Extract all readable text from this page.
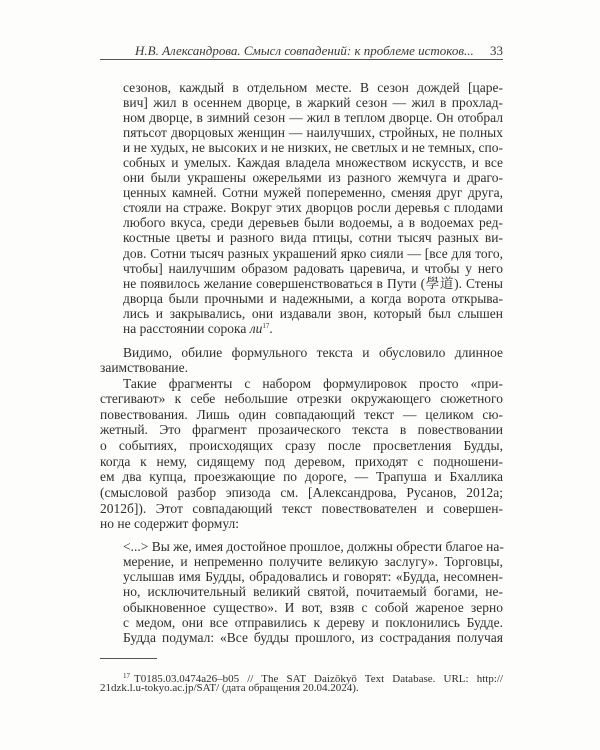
Н.В. Александрова. Смысл совпадений: к проблеме истоков... 33
сезонов, каждый в отдельном месте. В сезон дождей [царе-
вич] жил в осеннем дворце, в жаркий сезон — жил в прохлад-
ном дворце, в зимний сезон — жил в теплом дворце. Он отобрал
пятьсот дворцовых женщин — наилучших, стройных, не полных
и не худых, не высоких и не низких, не светлых и не темных, спо-
собных и умелых. Каждая владела множеством искусств, и все
они были украшены ожерельями из разного жемчуга и драго-
ценных камней. Сотни мужей попеременно, сменяя друг друга,
стояли на страже. Вокруг этих дворцов росли деревья с плодами
любого вкуса, среди деревьев были водоемы, а в водоемах ред-
костные цветы и разного вида птицы, сотни тысяч разных ви-
дов. Сотни тысяч разных украшений ярко сияли — [все для того,
чтобы] наилучшим образом радовать царевича, и чтобы у него
не появилось желание совершенствоваться в Пути (學道). Стены
дворца были прочными и надежными, а когда ворота открыва-
лись и закрывались, они издавали звон, который был слышен
на расстоянии сорока $ли^{17}$.
Видимо, обилие формульного текста и обусловило длинное
заимствование.
Такие фрагменты с набором формулировок просто «при-
стегивают» к себе небольшие отрезки окружающего сюжетного
повествования. Лишь один совпадающий текст — целиком сю-
жетный. Это фрагмент прозаического текста в повествовании
о событиях, происходящих сразу после просветления Будды,
когда к нему, сидящему под деревом, приходят с подношени-
ем два купца, проезжающие по дороге, — Трапуша и Бхаллика
(смысловой разбор эпизода см. [Александрова, Русанов, 2012а;
2012б]). Этот совпадающий текст повествователен и совершен-
но не содержит формул:
<...> Вы же, имея достойное прошлое, должны обрести благое на-
мерение, и непременно получите великую заслугу». Торговцы,
услышав имя Будды, обрадовались и говорят: «Будда, несомнен-
но, исключительный великий святой, почитаемый богами, не-
обыкновенное существо». И вот, взяв с собой жареное зерно
с медом, они все отправились к дереву и поклонились Будде.
Будда подумал: «Все будды прошлого, из сострадания получая
$^{17}$ T0185.03.0474a26–b05 // The SAT Daizōkyō Text Database. URL: http://
21dzk.l.u-tokyo.ac.jp/SAT/ (дата обращения 20.04.2024).
